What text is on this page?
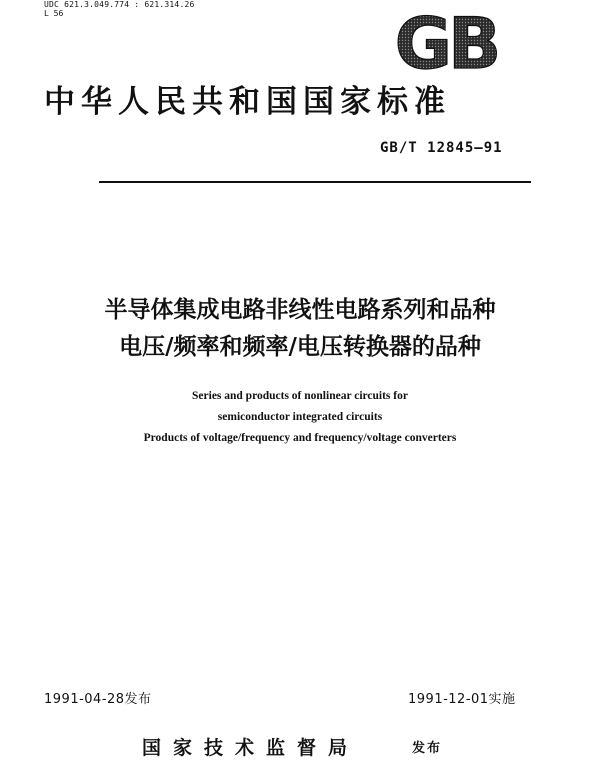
UDC 621.3.049.774 : 621.314.26
L 56	GB
中华人民共和国国家标准
GB/T 12845—91
半导体集成电路非线性电路系列和品种
电压/频率和频率/电压转换器的品种
Series and products of nonlinear circuits for
semiconductor integrated circuits
Products of voltage/frequency and frequency/voltage converters
1991-04-28发布	1991-12-01实施
国家技术监督局	发布
